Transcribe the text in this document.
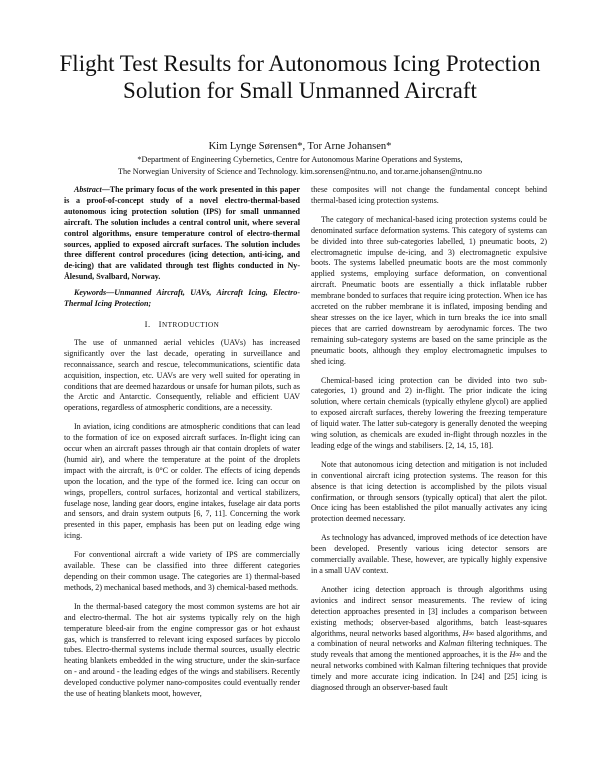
Flight Test Results for Autonomous Icing Protection
Solution for Small Unmanned Aircraft
Kim Lynge Sørensen*, Tor Arne Johansen*
*Department of Engineering Cybernetics, Centre for Autonomous Marine Operations and Systems,
The Norwegian University of Science and Technology. kim.sorensen@ntnu.no, and tor.arne.johansen@ntnu.no

Abstract—The primary focus of the work presented in this paper is a proof-of-concept study of a novel electro-thermal-based autonomous icing protection solution (IPS) for small unmanned aircraft. The solution includes a central control unit, where several control algorithms, ensure temperature control of electro-thermal sources, applied to exposed aircraft surfaces. The solution includes three different control procedures (icing detection, anti-icing, and de-icing) that are validated through test flights conducted in Ny-Ålesund, Svalbard, Norway.

Keywords—Unmanned Aircraft, UAVs, Aircraft Icing, Electro-Thermal Icing Protection;

I. INTRODUCTION

The use of unmanned aerial vehicles (UAVs) has increased significantly over the last decade, operating in surveillance and reconnaissance, search and rescue, telecommunications, scientific data acquisition, inspection, etc. UAVs are very well suited for operating in conditions that are deemed hazardous or unsafe for human pilots, such as the Arctic and Antarctic. Consequently, reliable and efficient UAV operations, regardless of atmospheric conditions, are a necessity.

In aviation, icing conditions are atmospheric conditions that can lead to the formation of ice on exposed aircraft surfaces. In-flight icing can occur when an aircraft passes through air that contain droplets of water (humid air), and where the temperature at the point of the droplets impact with the aircraft, is 0°C or colder. The effects of icing depends upon the location, and the type of the formed ice. Icing can occur on wings, propellers, control surfaces, horizontal and vertical stabilizers, fuselage nose, landing gear doors, engine intakes, fuselage air data ports and sensors, and drain system outputs [6, 7, 11]. Concerning the work presented in this paper, emphasis has been put on leading edge wing icing.

For conventional aircraft a wide variety of IPS are commercially available. These can be classified into three different categories depending on their common usage. The categories are 1) thermal-based methods, 2) mechanical based methods, and 3) chemical-based methods.

In the thermal-based category the most common systems are hot air and electro-thermal. The hot air systems typically rely on the high temperature bleed-air from the engine compressor gas or hot exhaust gas, which is transferred to relevant icing exposed surfaces by piccolo tubes. Electro-thermal systems include thermal sources, usually electric heating blankets embedded in the wing structure, under the skin-surface on - and around - the leading edges of the wings and stabilisers. Recently developed conductive polymer nano-composites could eventually render the use of heating blankets moot, however,

these composites will not change the fundamental concept behind thermal-based icing protection systems.

The category of mechanical-based icing protection systems could be denominated surface deformation systems. This category of systems can be divided into three sub-categories labelled, 1) pneumatic boots, 2) electromagnetic impulse de-icing, and 3) electromagnetic expulsive boots. The systems labelled pneumatic boots are the most commonly applied systems, employing surface deformation, on conventional aircraft. Pneumatic boots are essentially a thick inflatable rubber membrane bonded to surfaces that require icing protection. When ice has accreted on the rubber membrane it is inflated, imposing bending and shear stresses on the ice layer, which in turn breaks the ice into small pieces that are carried downstream by aerodynamic forces. The two remaining sub-category systems are based on the same principle as the pneumatic boots, although they employ electromagnetic impulses to shed icing.

Chemical-based icing protection can be divided into two sub-categories, 1) ground and 2) in-flight. The prior indicate the icing solution, where certain chemicals (typically ethylene glycol) are applied to exposed aircraft surfaces, thereby lowering the freezing temperature of liquid water. The latter sub-category is generally denoted the weeping wing solution, as chemicals are exuded in-flight through nozzles in the leading edge of the wings and stabilisers. [2, 14, 15, 18].

Note that autonomous icing detection and mitigation is not included in conventional aircraft icing protection systems. The reason for this absence is that icing detection is accomplished by the pilots visual confirmation, or through sensors (typically optical) that alert the pilot. Once icing has been established the pilot manually activates any icing protection deemed necessary.

As technology has advanced, improved methods of ice detection have been developed. Presently various icing detector sensors are commercially available. These, however, are typically highly expensive in a small UAV context.

Another icing detection approach is through algorithms using avionics and indirect sensor measurements. The review of icing detection approaches presented in [3] includes a comparison between existing methods; observer-based algorithms, batch least-squares algorithms, neural networks based algorithms, H∞ based algorithms, and a combination of neural networks and Kalman filtering techniques. The study reveals that among the mentioned approaches, it is the H∞ and the neural networks combined with Kalman filtering techniques that provide timely and more accurate icing indication. In [24] and [25] icing is diagnosed through an observer-based fault
